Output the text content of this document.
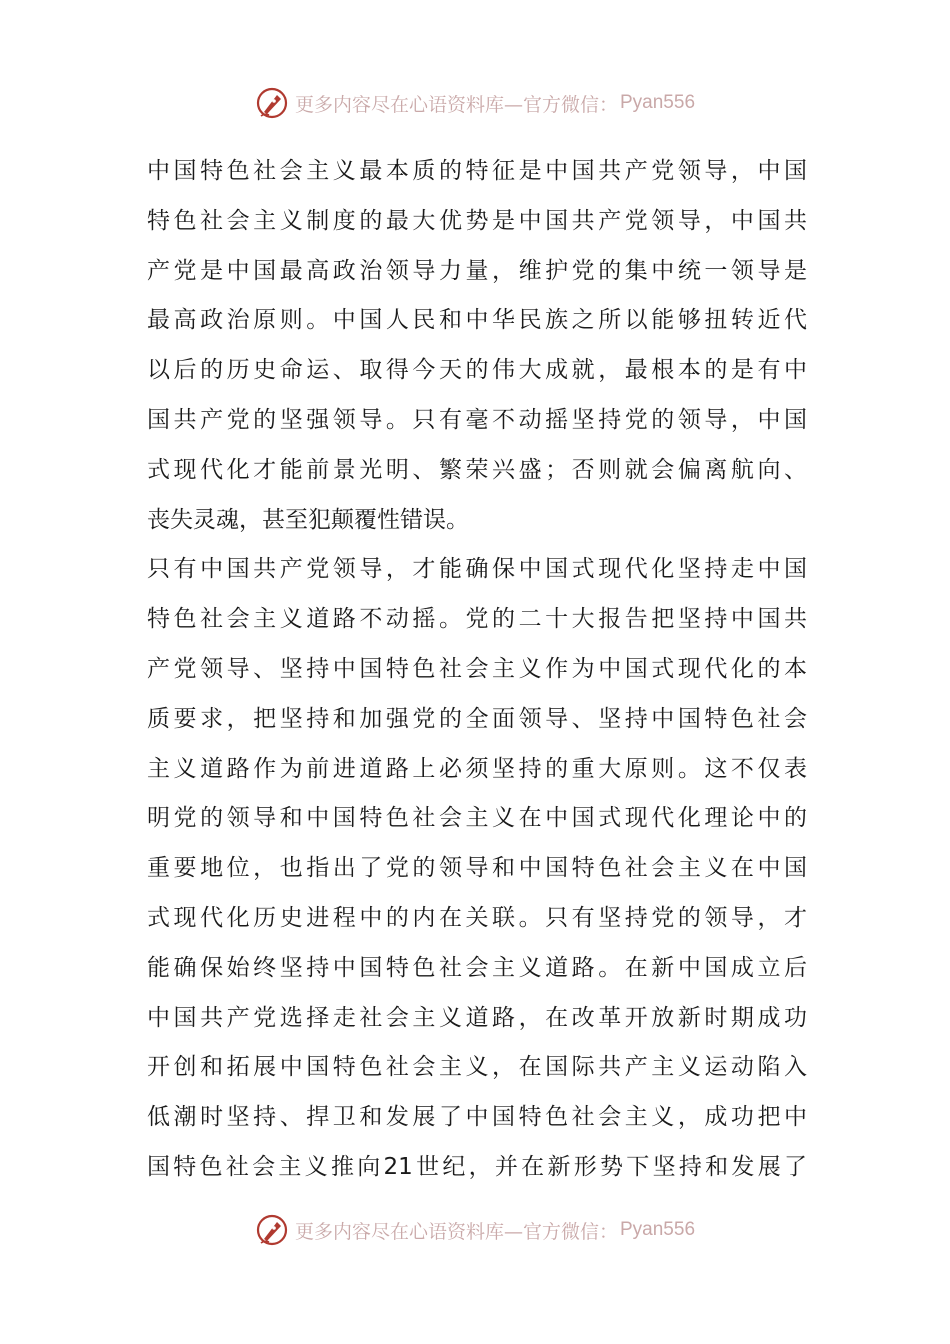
更多内容尽在心语资料库—官方微信： Pyan556
中国特色社会主义最本质的特征是中国共产党领导，中国
特色社会主义制度的最大优势是中国共产党领导，中国共
产党是中国最高政治领导力量，维护党的集中统一领导是
最高政治原则。中国人民和中华民族之所以能够扭转近代
以后的历史命运、取得今天的伟大成就，最根本的是有中
国共产党的坚强领导。只有毫不动摇坚持党的领导，中国
式现代化才能前景光明、繁荣兴盛；否则就会偏离航向、
丧失灵魂，甚至犯颠覆性错误。
只有中国共产党领导，才能确保中国式现代化坚持走中国
特色社会主义道路不动摇。党的二十大报告把坚持中国共
产党领导、坚持中国特色社会主义作为中国式现代化的本
质要求，把坚持和加强党的全面领导、坚持中国特色社会
主义道路作为前进道路上必须坚持的重大原则。这不仅表
明党的领导和中国特色社会主义在中国式现代化理论中的
重要地位，也指出了党的领导和中国特色社会主义在中国
式现代化历史进程中的内在关联。只有坚持党的领导，才
能确保始终坚持中国特色社会主义道路。在新中国成立后
中国共产党选择走社会主义道路，在改革开放新时期成功
开创和拓展中国特色社会主义，在国际共产主义运动陷入
低潮时坚持、捍卫和发展了中国特色社会主义，成功把中
国特色社会主义推向21世纪，并在新形势下坚持和发展了
更多内容尽在心语资料库—官方微信： Pyan556
